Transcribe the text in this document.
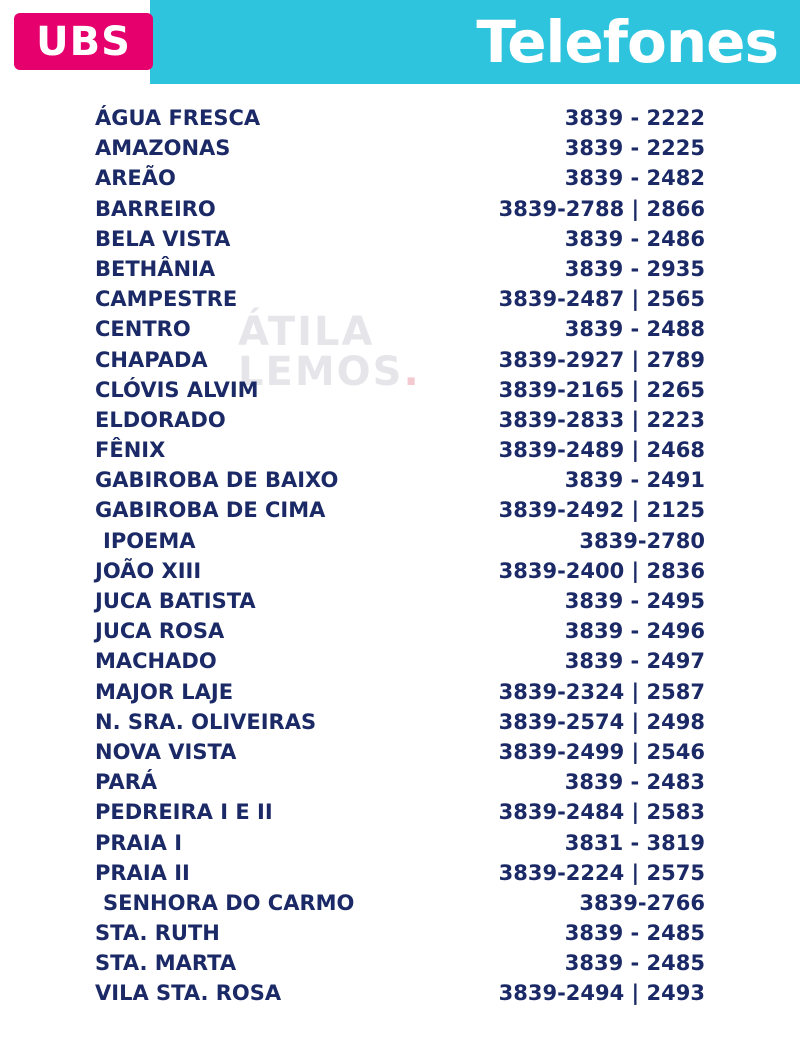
UBS	Telefones
ÁTILA
LEMOS.
ÁGUA FRESCA	3839 - 2222
AMAZONAS	3839 - 2225
AREÃO	3839 - 2482
BARREIRO	3839-2788 | 2866
BELA VISTA	3839 - 2486
BETHÂNIA	3839 - 2935
CAMPESTRE	3839-2487 | 2565
CENTRO	3839 - 2488
CHAPADA	3839-2927 | 2789
CLÓVIS ALVIM	3839-2165 | 2265
ELDORADO	3839-2833 | 2223
FÊNIX	3839-2489 | 2468
GABIROBA DE BAIXO	3839 - 2491
GABIROBA DE CIMA	3839-2492 | 2125
IPOEMA	3839-2780
JOÃO XIII	3839-2400 | 2836
JUCA BATISTA	3839 - 2495
JUCA ROSA	3839 - 2496
MACHADO	3839 - 2497
MAJOR LAJE	3839-2324 | 2587
N. SRA. OLIVEIRAS	3839-2574 | 2498
NOVA VISTA	3839-2499 | 2546
PARÁ	3839 - 2483
PEDREIRA I E II	3839-2484 | 2583
PRAIA I	3831 - 3819
PRAIA II	3839-2224 | 2575
SENHORA DO CARMO	3839-2766
STA. RUTH	3839 - 2485
STA. MARTA	3839 - 2485
VILA STA. ROSA	3839-2494 | 2493
